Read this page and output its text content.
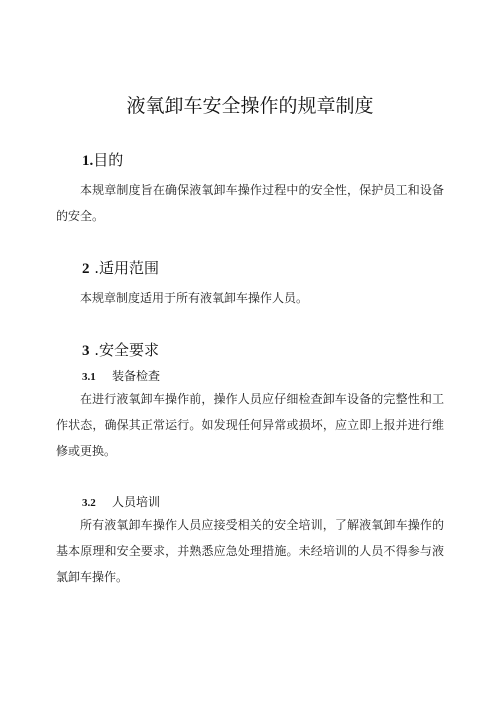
液氧卸车安全操作的规章制度
1.目的

本规章制度旨在确保液氧卸车操作过程中的安全性，保护员工和设备的安全。

2 .适用范围

本规章制度适用于所有液氧卸车操作人员。

3 .安全要求
3.1 装备检查

在进行液氧卸车操作前，操作人员应仔细检查卸车设备的完整性和工作状态，确保其正常运行。如发现任何异常或损坏，应立即上报并进行维修或更换。

3.2 人员培训

所有液氧卸车操作人员应接受相关的安全培训，了解液氧卸车操作的基本原理和安全要求，并熟悉应急处理措施。未经培训的人员不得参与液氯卸车操作。
